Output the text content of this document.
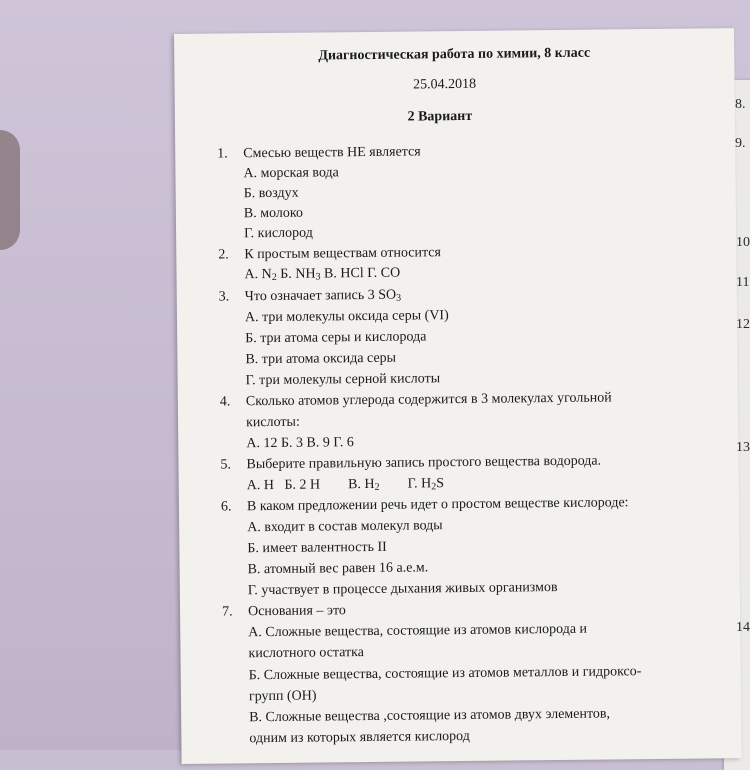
Диагностическая работа по химии, 8 класс
25.04.2018
2 Вариант
1. Смесью веществ НЕ является
А. морская вода
Б. воздух
В. молоко
Г. кислород
2. К простым веществам относится
А. $N_2$ Б. $NH_3$ В. HCl Г. CO
3. Что означает запись 3 $SO_3$
А. три молекулы оксида серы (VI)
Б. три атома серы и кислорода
В. три атома оксида серы
Г. три молекулы серной кислоты
4. Сколько атомов углерода содержится в 3 молекулах угольной
кислоты:
А. 12 Б. 3 В. 9 Г. 6
5. Выберите правильную запись простого вещества водорода.
А. H   Б. 2 H        В. $H_2$        Г. $H_2S$
6. В каком предложении речь идет о простом веществе кислороде:
А. входит в состав молекул воды
Б. имеет валентность II
В. атомный вес равен 16 а.е.м.
Г. участвует в процессе дыхания живых организмов
7. Основания – это
А. Сложные вещества, состоящие из атомов кислорода и
кислотного остатка
Б. Сложные вещества, состоящие из атомов металлов и гидроксо-
групп (ОН)
В. Сложные вещества ,состоящие из атомов двух элементов,
одним из которых является кислород
8.
9.
10
11
12
13
14
